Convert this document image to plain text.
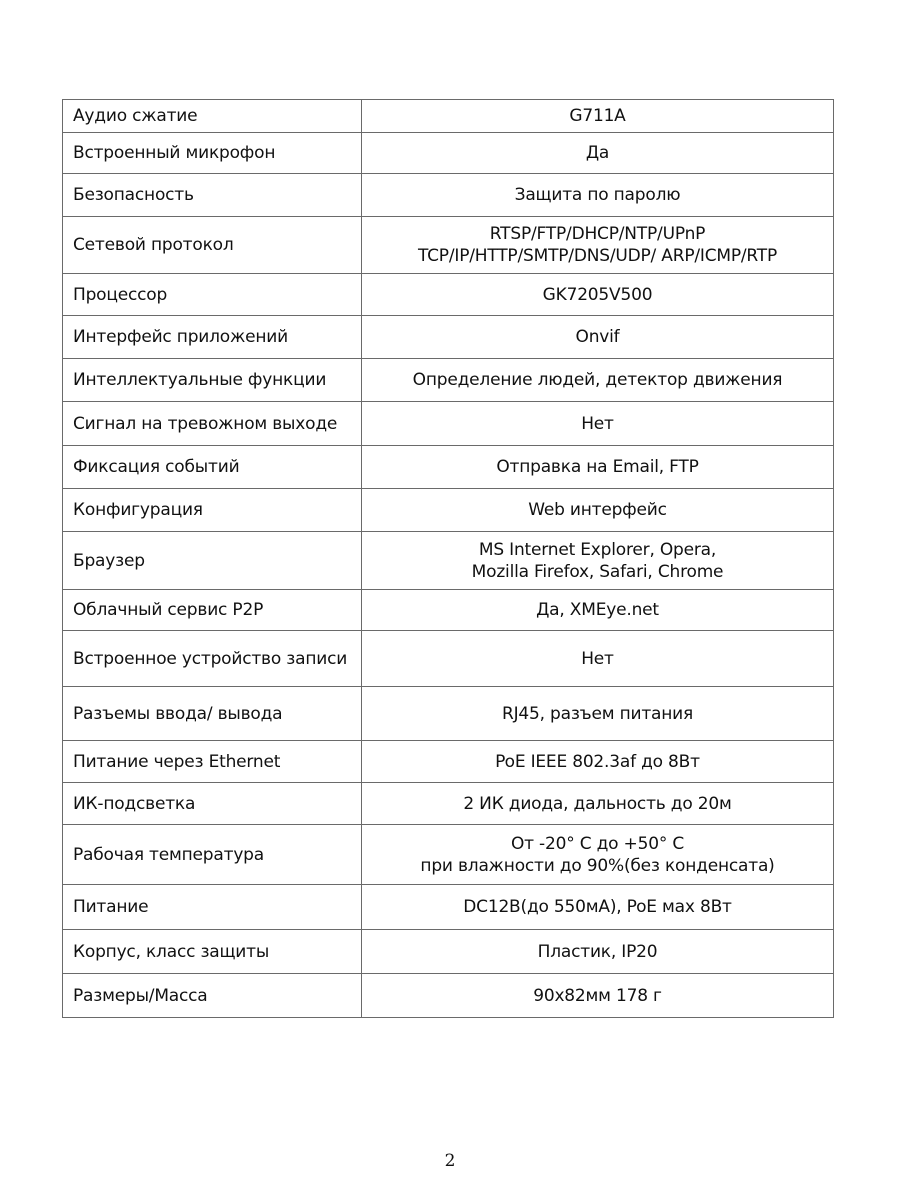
Аудио сжатие	G711A

Встроенный микрофон	Да

Безопасность	Защита по паролю

Сетевой протокол	RTSP/FTP/DHCP/NTP/UPnP
TCP/IP/HTTP/SMTP/DNS/UDP/ ARP/ICMP/RTP

Процессор	GK7205V500

Интерфейс приложений	Onvif

Интеллектуальные функции	Определение людей, детектор движения

Сигнал на тревожном выходе	Нет

Фиксация событий	Отправка на Email, FTP

Конфигурация	Web интерфейс

Браузер	MS Internet Explorer, Opera,
Mozilla Firefox, Safari, Chrome

Облачный сервис P2P	Да, XMEye.net

Встроенное устройство записи	Нет

Разъемы ввода/ вывода	RJ45, разъем питания

Питание через Ethernet	PoE IEEE 802.3af до 8Вт

ИК-подсветка	2 ИК диода, дальность до 20м

Рабочая температура	От -20° C до +50° C
при влажности до 90%(без конденсата)

Питание	DC12В(до 550мА), PoE мах 8Вт

Корпус, класс защиты	Пластик, IP20

Размеры/Масса	90х82мм 178 г
2
